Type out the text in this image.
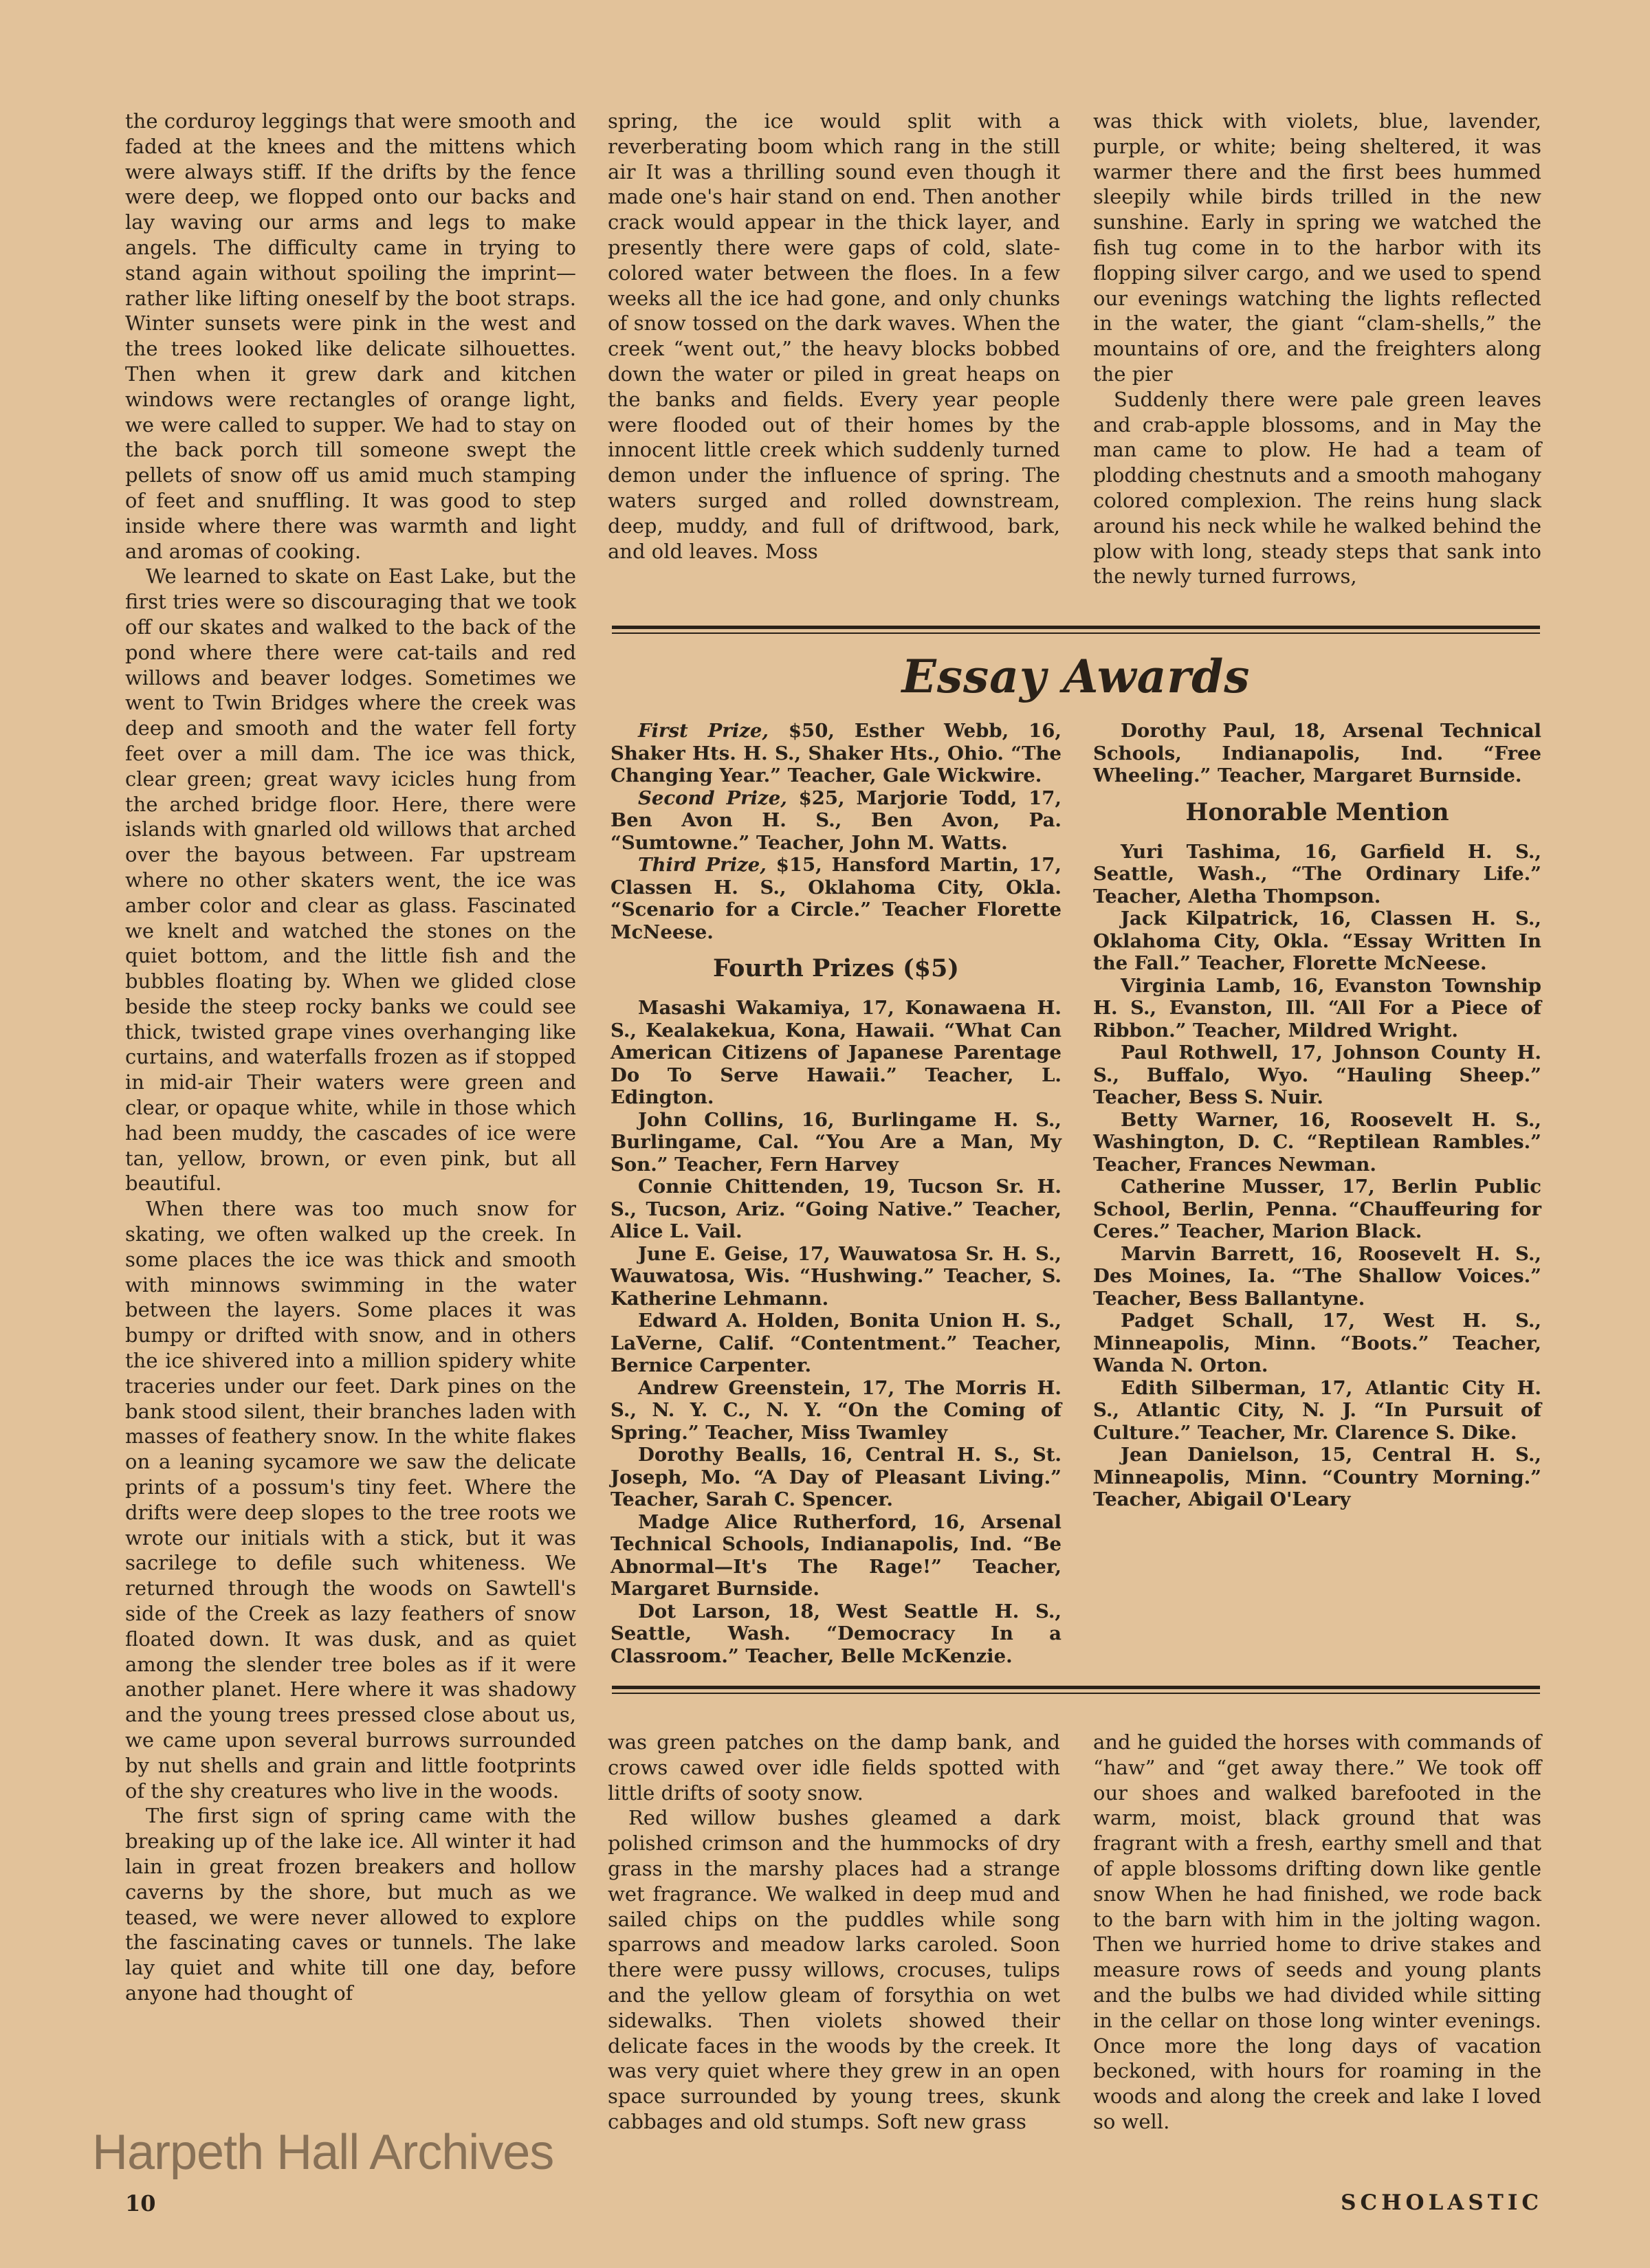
the corduroy leggings that were smooth and faded at the knees and the mittens which were always stiff. If the drifts by the fence were deep, we flopped onto our backs and lay waving our arms and legs to make angels. The difficulty came in trying to stand again without spoiling the imprint—rather like lifting oneself by the boot straps. Winter sunsets were pink in the west and the trees looked like delicate silhouettes. Then when it grew dark and kitchen windows were rectangles of orange light, we were called to supper. We had to stay on the back porch till someone swept the pellets of snow off us amid much stamping of feet and snuffling. It was good to step inside where there was warmth and light and aromas of cooking.

We learned to skate on East Lake, but the first tries were so discouraging that we took off our skates and walked to the back of the pond where there were cat-tails and red willows and beaver lodges. Sometimes we went to Twin Bridges where the creek was deep and smooth and the water fell forty feet over a mill dam. The ice was thick, clear green; great wavy icicles hung from the arched bridge floor. Here, there were islands with gnarled old willows that arched over the bayous between. Far upstream where no other skaters went, the ice was amber color and clear as glass. Fascinated we knelt and watched the stones on the quiet bottom, and the little fish and the bubbles floating by. When we glided close beside the steep rocky banks we could see thick, twisted grape vines overhanging like curtains, and waterfalls frozen as if stopped in mid-air Their waters were green and clear, or opaque white, while in those which had been muddy, the cascades of ice were tan, yellow, brown, or even pink, but all beautiful.

When there was too much snow for skating, we often walked up the creek. In some places the ice was thick and smooth with minnows swimming in the water between the layers. Some places it was bumpy or drifted with snow, and in others the ice shivered into a million spidery white traceries under our feet. Dark pines on the bank stood silent, their branches laden with masses of feathery snow. In the white flakes on a leaning sycamore we saw the delicate prints of a possum's tiny feet. Where the drifts were deep slopes to the tree roots we wrote our initials with a stick, but it was sacrilege to defile such whiteness. We returned through the woods on Sawtell's side of the Creek as lazy feathers of snow floated down. It was dusk, and as quiet among the slender tree boles as if it were another planet. Here where it was shadowy and the young trees pressed close about us, we came upon several burrows surrounded by nut shells and grain and little footprints of the shy creatures who live in the woods.

The first sign of spring came with the breaking up of the lake ice. All winter it had lain in great frozen breakers and hollow caverns by the shore, but much as we teased, we were never allowed to explore the fascinating caves or tunnels. The lake lay quiet and white till one day, before anyone had thought of

spring, the ice would split with a reverberating boom which rang in the still air It was a thrilling sound even though it made one's hair stand on end. Then another crack would appear in the thick layer, and presently there were gaps of cold, slate-colored water between the floes. In a few weeks all the ice had gone, and only chunks of snow tossed on the dark waves. When the creek “went out,” the heavy blocks bobbed down the water or piled in great heaps on the banks and fields. Every year people were flooded out of their homes by the innocent little creek which suddenly turned demon under the influence of spring. The waters surged and rolled downstream, deep, muddy, and full of driftwood, bark, and old leaves. Moss

was thick with violets, blue, lavender, purple, or white; being sheltered, it was warmer there and the first bees hummed sleepily while birds trilled in the new sunshine. Early in spring we watched the fish tug come in to the harbor with its flopping silver cargo, and we used to spend our evenings watching the lights reflected in the water, the giant “clam-shells,” the mountains of ore, and the freighters along the pier

Suddenly there were pale green leaves and crab-apple blossoms, and in May the man came to plow. He had a team of plodding chestnuts and a smooth mahogany colored complexion. The reins hung slack around his neck while he walked behind the plow with long, steady steps that sank into the newly turned furrows,

Essay Awards

First Prize, $50, Esther Webb, 16, Shaker Hts. H. S., Shaker Hts., Ohio. “The Changing Year.” Teacher, Gale Wickwire.

Second Prize, $25, Marjorie Todd, 17, Ben Avon H. S., Ben Avon, Pa. “Sumtowne.” Teacher, John M. Watts.

Third Prize, $15, Hansford Martin, 17, Classen H. S., Oklahoma City, Okla. “Scenario for a Circle.” Teacher Florette McNeese.

Fourth Prizes ($5)

Masashi Wakamiya, 17, Konawaena H. S., Kealakekua, Kona, Hawaii. “What Can American Citizens of Japanese Parentage Do To Serve Hawaii.” Teacher, L. Edington.

John Collins, 16, Burlingame H. S., Burlingame, Cal. “You Are a Man, My Son.” Teacher, Fern Harvey

Connie Chittenden, 19, Tucson Sr. H. S., Tucson, Ariz. “Going Native.” Teacher, Alice L. Vail.

June E. Geise, 17, Wauwatosa Sr. H. S., Wauwatosa, Wis. “Hushwing.” Teacher, S. Katherine Lehmann.

Edward A. Holden, Bonita Union H. S., LaVerne, Calif. “Contentment.” Teacher, Bernice Carpenter.

Andrew Greenstein, 17, The Morris H. S., N. Y. C., N. Y. “On the Coming of Spring.” Teacher, Miss Twamley

Dorothy Bealls, 16, Central H. S., St. Joseph, Mo. “A Day of Pleasant Living.” Teacher, Sarah C. Spencer.

Madge Alice Rutherford, 16, Arsenal Technical Schools, Indianapolis, Ind. “Be Abnormal—It's The Rage!” Teacher, Margaret Burnside.

Dot Larson, 18, West Seattle H. S., Seattle, Wash. “Democracy In a Classroom.” Teacher, Belle McKenzie.

Dorothy Paul, 18, Arsenal Technical Schools, Indianapolis, Ind. “Free Wheeling.” Teacher, Margaret Burnside.

Honorable Mention

Yuri Tashima, 16, Garfield H. S., Seattle, Wash., “The Ordinary Life.” Teacher, Aletha Thompson.

Jack Kilpatrick, 16, Classen H. S., Oklahoma City, Okla. “Essay Written In the Fall.” Teacher, Florette McNeese.

Virginia Lamb, 16, Evanston Township H. S., Evanston, Ill. “All For a Piece of Ribbon.” Teacher, Mildred Wright.

Paul Rothwell, 17, Johnson County H. S., Buffalo, Wyo. “Hauling Sheep.” Teacher, Bess S. Nuir.

Betty Warner, 16, Roosevelt H. S., Washington, D. C. “Reptilean Rambles.” Teacher, Frances Newman.

Catherine Musser, 17, Berlin Public School, Berlin, Penna. “Chauffeuring for Ceres.” Teacher, Marion Black.

Marvin Barrett, 16, Roosevelt H. S., Des Moines, Ia. “The Shallow Voices.” Teacher, Bess Ballantyne.

Padget Schall, 17, West H. S., Minneapolis, Minn. “Boots.” Teacher, Wanda N. Orton.

Edith Silberman, 17, Atlantic City H. S., Atlantic City, N. J. “In Pursuit of Culture.” Teacher, Mr. Clarence S. Dike.

Jean Danielson, 15, Central H. S., Minneapolis, Minn. “Country Morning.” Teacher, Abigail O'Leary

was green patches on the damp bank, and crows cawed over idle fields spotted with little drifts of sooty snow.

Red willow bushes gleamed a dark polished crimson and the hummocks of dry grass in the marshy places had a strange wet fragrance. We walked in deep mud and sailed chips on the puddles while song sparrows and meadow larks caroled. Soon there were pussy willows, crocuses, tulips and the yellow gleam of forsythia on wet sidewalks. Then violets showed their delicate faces in the woods by the creek. It was very quiet where they grew in an open space surrounded by young trees, skunk cabbages and old stumps. Soft new grass

and he guided the horses with commands of “haw” and “get away there.” We took off our shoes and walked barefooted in the warm, moist, black ground that was fragrant with a fresh, earthy smell and that of apple blossoms drifting down like gentle snow When he had finished, we rode back to the barn with him in the jolting wagon. Then we hurried home to drive stakes and measure rows of seeds and young plants and the bulbs we had divided while sitting in the cellar on those long winter evenings. Once more the long days of vacation beckoned, with hours for roaming in the woods and along the creek and lake I loved so well.

Harpeth Hall Archives
10	SCHOLASTIC
